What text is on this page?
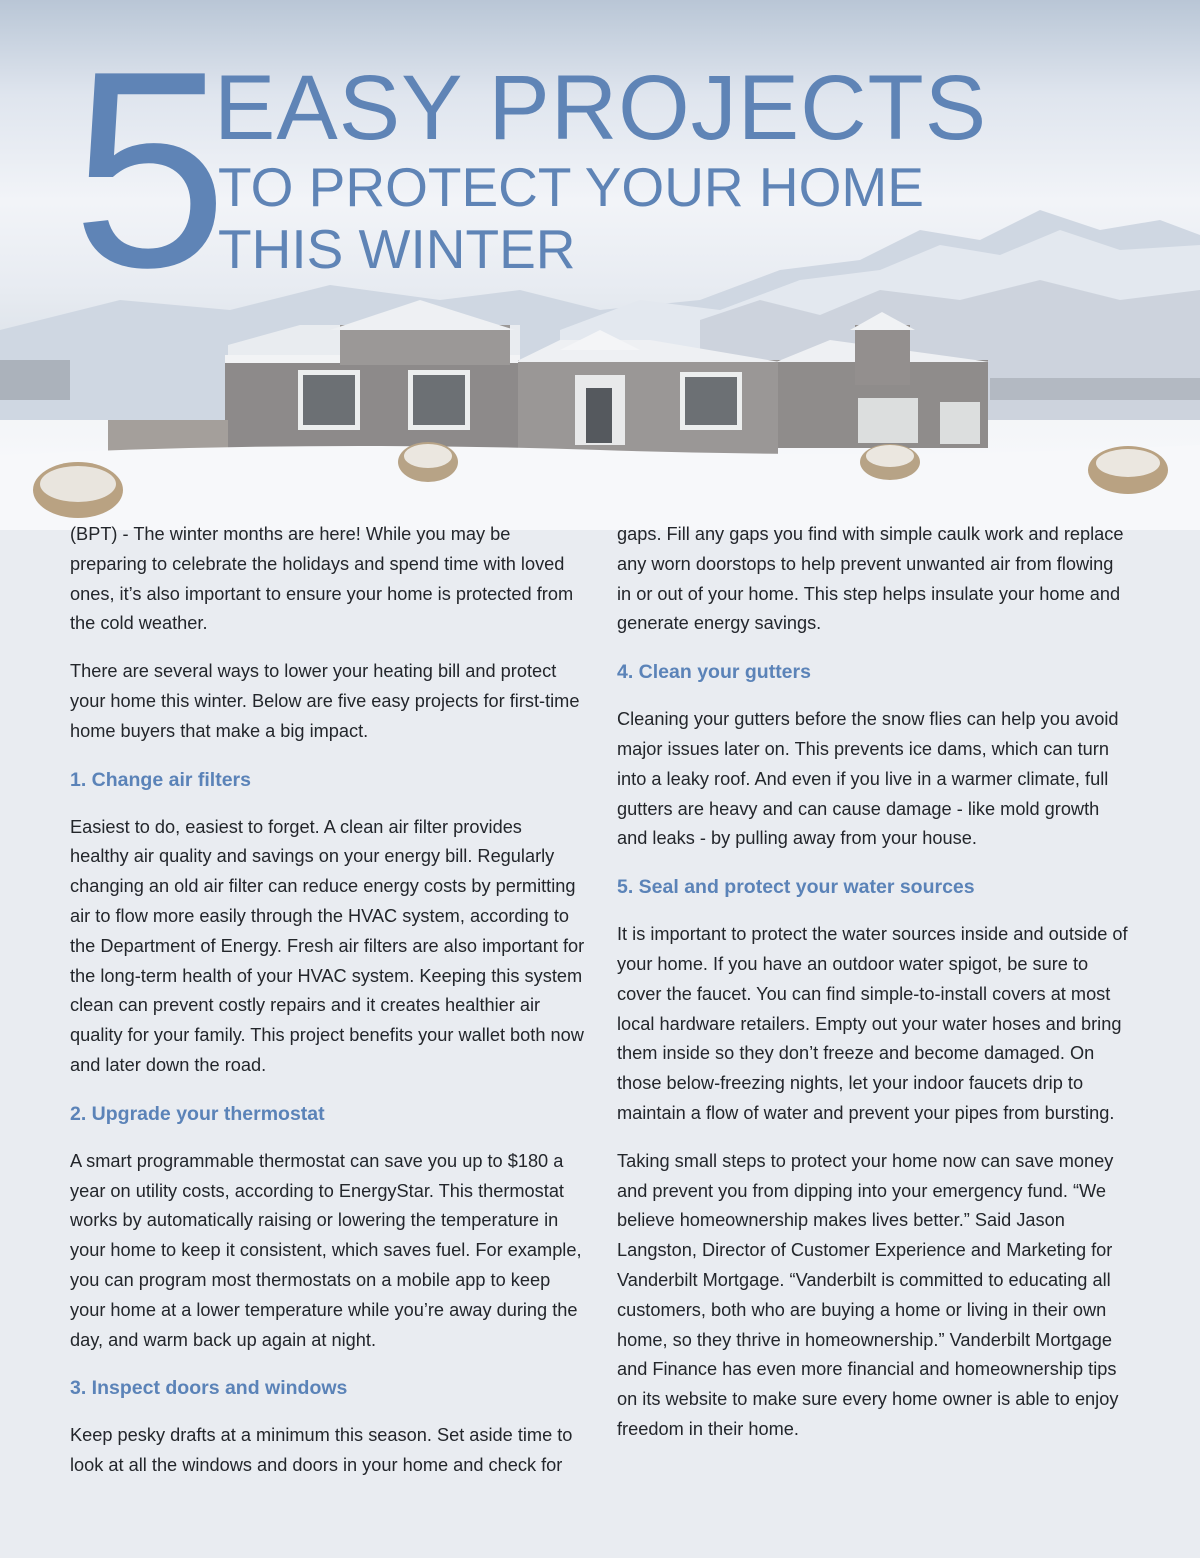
5
EASY PROJECTS
TO PROTECT YOUR HOME
THIS WINTER

(BPT) - The winter months are here! While you may be preparing to celebrate the holidays and spend time with loved ones, it’s also important to ensure your home is protected from the cold weather.

There are several ways to lower your heating bill and protect your home this winter. Below are five easy projects for first-time home buyers that make a big impact.

1. Change air filters

Easiest to do, easiest to forget. A clean air filter provides healthy air quality and savings on your energy bill. Regularly changing an old air filter can reduce energy costs by permitting air to flow more easily through the HVAC system, according to the Department of Energy. Fresh air filters are also important for the long-term health of your HVAC system. Keeping this system clean can prevent costly repairs and it creates healthier air quality for your family. This project benefits your wallet both now and later down the road.

2. Upgrade your thermostat

A smart programmable thermostat can save you up to $180 a year on utility costs, according to EnergyStar. This thermostat works by automatically raising or lowering the temperature in your home to keep it consistent, which saves fuel. For example, you can program most thermostats on a mobile app to keep your home at a lower temperature while you’re away during the day, and warm back up again at night.

3. Inspect doors and windows

Keep pesky drafts at a minimum this season. Set aside time to look at all the windows and doors in your home and check for

gaps. Fill any gaps you find with simple caulk work and replace any worn doorstops to help prevent unwanted air from flowing in or out of your home. This step helps insulate your home and generate energy savings.

4. Clean your gutters

Cleaning your gutters before the snow flies can help you avoid major issues later on. This prevents ice dams, which can turn into a leaky roof. And even if you live in a warmer climate, full gutters are heavy and can cause damage - like mold growth and leaks - by pulling away from your house.

5. Seal and protect your water sources

It is important to protect the water sources inside and outside of your home. If you have an outdoor water spigot, be sure to cover the faucet. You can find simple-to-install covers at most local hardware retailers. Empty out your water hoses and bring them inside so they don’t freeze and become damaged. On those below-freezing nights, let your indoor faucets drip to maintain a flow of water and prevent your pipes from bursting.

Taking small steps to protect your home now can save money and prevent you from dipping into your emergency fund. “We believe homeownership makes lives better.” Said Jason Langston, Director of Customer Experience and Marketing for Vanderbilt Mortgage. “Vanderbilt is committed to educating all customers, both who are buying a home or living in their own home, so they thrive in homeownership.” Vanderbilt Mortgage and Finance has even more financial and homeownership tips on its website to make sure every home owner is able to enjoy freedom in their home.
